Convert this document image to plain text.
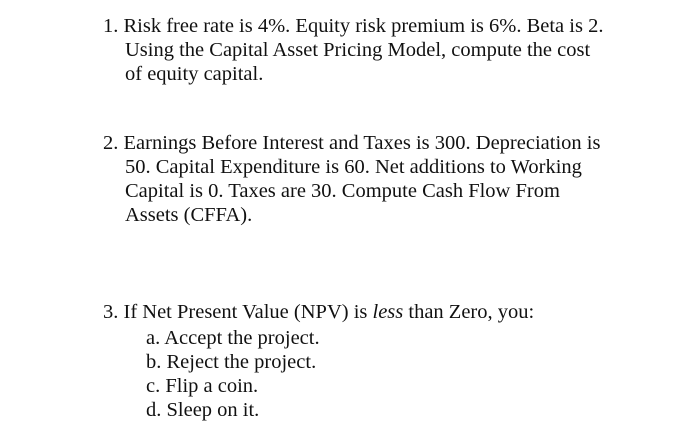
1. Risk free rate is 4%. Equity risk premium is 6%. Beta is 2.
Using the Capital Asset Pricing Model, compute the cost
of equity capital.
2. Earnings Before Interest and Taxes is 300. Depreciation is
50. Capital Expenditure is 60. Net additions to Working
Capital is 0. Taxes are 30. Compute Cash Flow From
Assets (CFFA).
3. If Net Present Value (NPV) is less than Zero, you:
a. Accept the project.
b. Reject the project.
c. Flip a coin.
d. Sleep on it.
